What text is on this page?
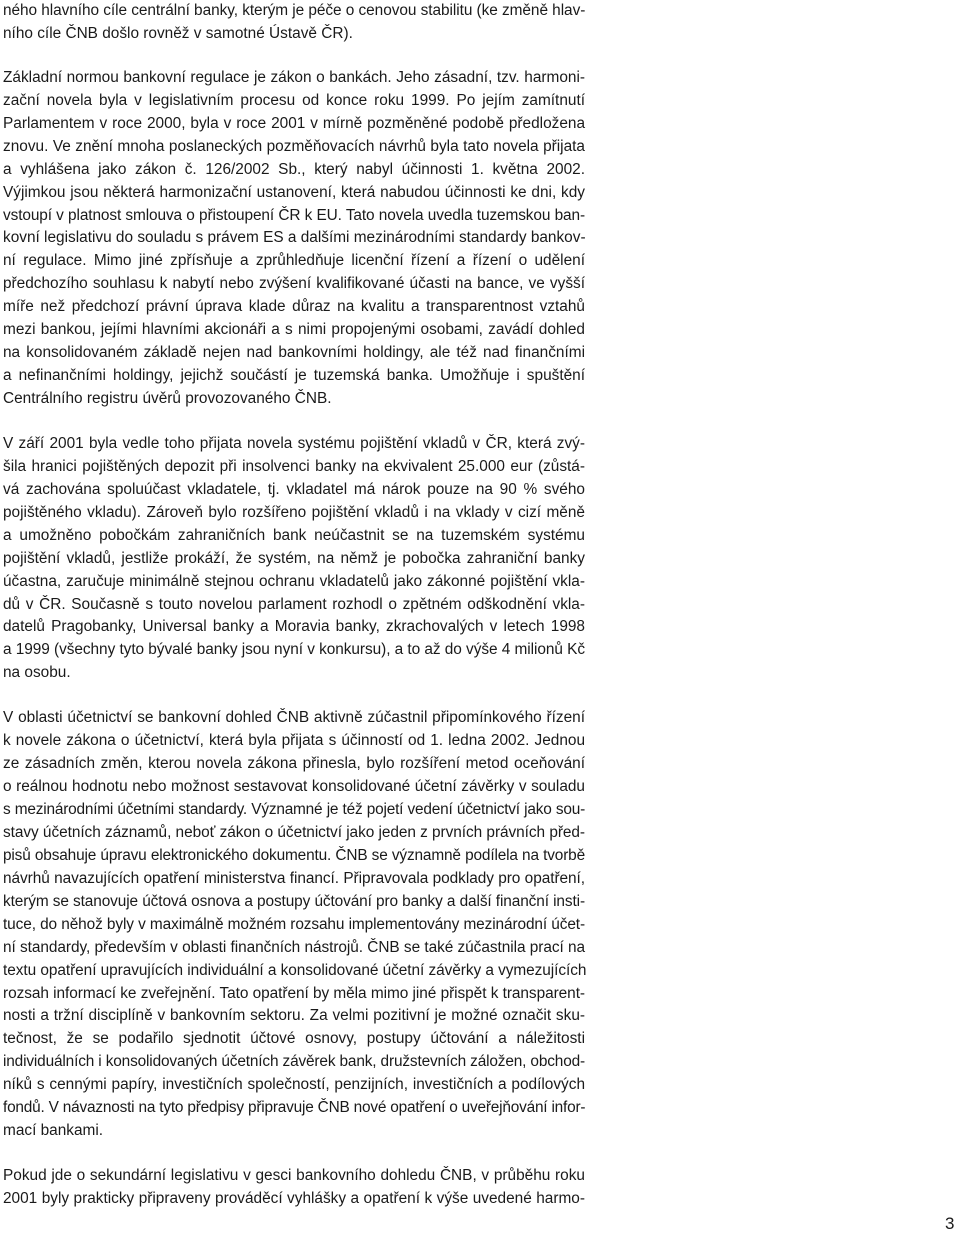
ného hlavního cíle centrální banky, kterým je péče o cenovou stabilitu (ke změně hlav-
ního cíle ČNB došlo rovněž v samotné Ústavě ČR).

Základní normou bankovní regulace je zákon o bankách. Jeho zásadní, tzv. harmoni-
zační novela byla v legislativním procesu od konce roku 1999. Po jejím zamítnutí
Parlamentem v roce 2000, byla v roce 2001 v mírně pozměněné podobě předložena
znovu. Ve znění mnoha poslaneckých pozměňovacích návrhů byla tato novela přijata
a vyhlášena jako zákon č. 126/2002 Sb., který nabyl účinnosti 1. května 2002.
Výjimkou jsou některá harmonizační ustanovení, která nabudou účinnosti ke dni, kdy
vstoupí v platnost smlouva o přistoupení ČR k EU. Tato novela uvedla tuzemskou ban-
kovní legislativu do souladu s právem ES a dalšími mezinárodními standardy bankov-
ní regulace. Mimo jiné zpřísňuje a zprůhledňuje licenční řízení a řízení o udělení
předchozího souhlasu k nabytí nebo zvýšení kvalifikované účasti na bance, ve vyšší
míře než předchozí právní úprava klade důraz na kvalitu a transparentnost vztahů
mezi bankou, jejími hlavními akcionáři a s nimi propojenými osobami, zavádí dohled
na konsolidovaném základě nejen nad bankovními holdingy, ale též nad finančními
a nefinančními holdingy, jejichž součástí je tuzemská banka. Umožňuje i spuštění
Centrálního registru úvěrů provozovaného ČNB.

V září 2001 byla vedle toho přijata novela systému pojištění vkladů v ČR, která zvý-
šila hranici pojištěných depozit při insolvenci banky na ekvivalent 25.000 eur (zůstá-
vá zachována spoluúčast vkladatele, tj. vkladatel má nárok pouze na 90 % svého
pojištěného vkladu). Zároveň bylo rozšířeno pojištění vkladů i na vklady v cizí měně
a umožněno pobočkám zahraničních bank neúčastnit se na tuzemském systému
pojištění vkladů, jestliže prokáží, že systém, na němž je pobočka zahraniční banky
účastna, zaručuje minimálně stejnou ochranu vkladatelů jako zákonné pojištění vkla-
dů v ČR. Současně s touto novelou parlament rozhodl o zpětném odškodnění vkla-
datelů Pragobanky, Universal banky a Moravia banky, zkrachovalých v letech 1998
a 1999 (všechny tyto bývalé banky jsou nyní v konkursu), a to až do výše 4 milionů Kč
na osobu.

V oblasti účetnictví se bankovní dohled ČNB aktivně zúčastnil připomínkového řízení
k novele zákona o účetnictví, která byla přijata s účinností od 1. ledna 2002. Jednou
ze zásadních změn, kterou novela zákona přinesla, bylo rozšíření metod oceňování
o reálnou hodnotu nebo možnost sestavovat konsolidované účetní závěrky v souladu
s mezinárodními účetními standardy. Významné je též pojetí vedení účetnictví jako sou-
stavy účetních záznamů, neboť zákon o účetnictví jako jeden z prvních právních před-
pisů obsahuje úpravu elektronického dokumentu. ČNB se významně podílela na tvorbě
návrhů navazujících opatření ministerstva financí. Připravovala podklady pro opatření,
kterým se stanovuje účtová osnova a postupy účtování pro banky a další finanční insti-
tuce, do něhož byly v maximálně možném rozsahu implementovány mezinárodní účet-
ní standardy, především v oblasti finančních nástrojů. ČNB se také zúčastnila prací na
textu opatření upravujících individuální a konsolidované účetní závěrky a vymezujících
rozsah informací ke zveřejnění. Tato opatření by měla mimo jiné přispět k transparent-
nosti a tržní disciplíně v bankovním sektoru. Za velmi pozitivní je možné označit sku-
tečnost, že se podařilo sjednotit účtové osnovy, postupy účtování a náležitosti
individuálních i konsolidovaných účetních závěrek bank, družstevních záložen, obchod-
níků s cennými papíry, investičních společností, penzijních, investičních a podílových
fondů. V návaznosti na tyto předpisy připravuje ČNB nové opatření o uveřejňování infor-
mací bankami.

Pokud jde o sekundární legislativu v gesci bankovního dohledu ČNB, v průběhu roku
2001 byly prakticky připraveny prováděcí vyhlášky a opatření k výše uvedené harmo-

3
